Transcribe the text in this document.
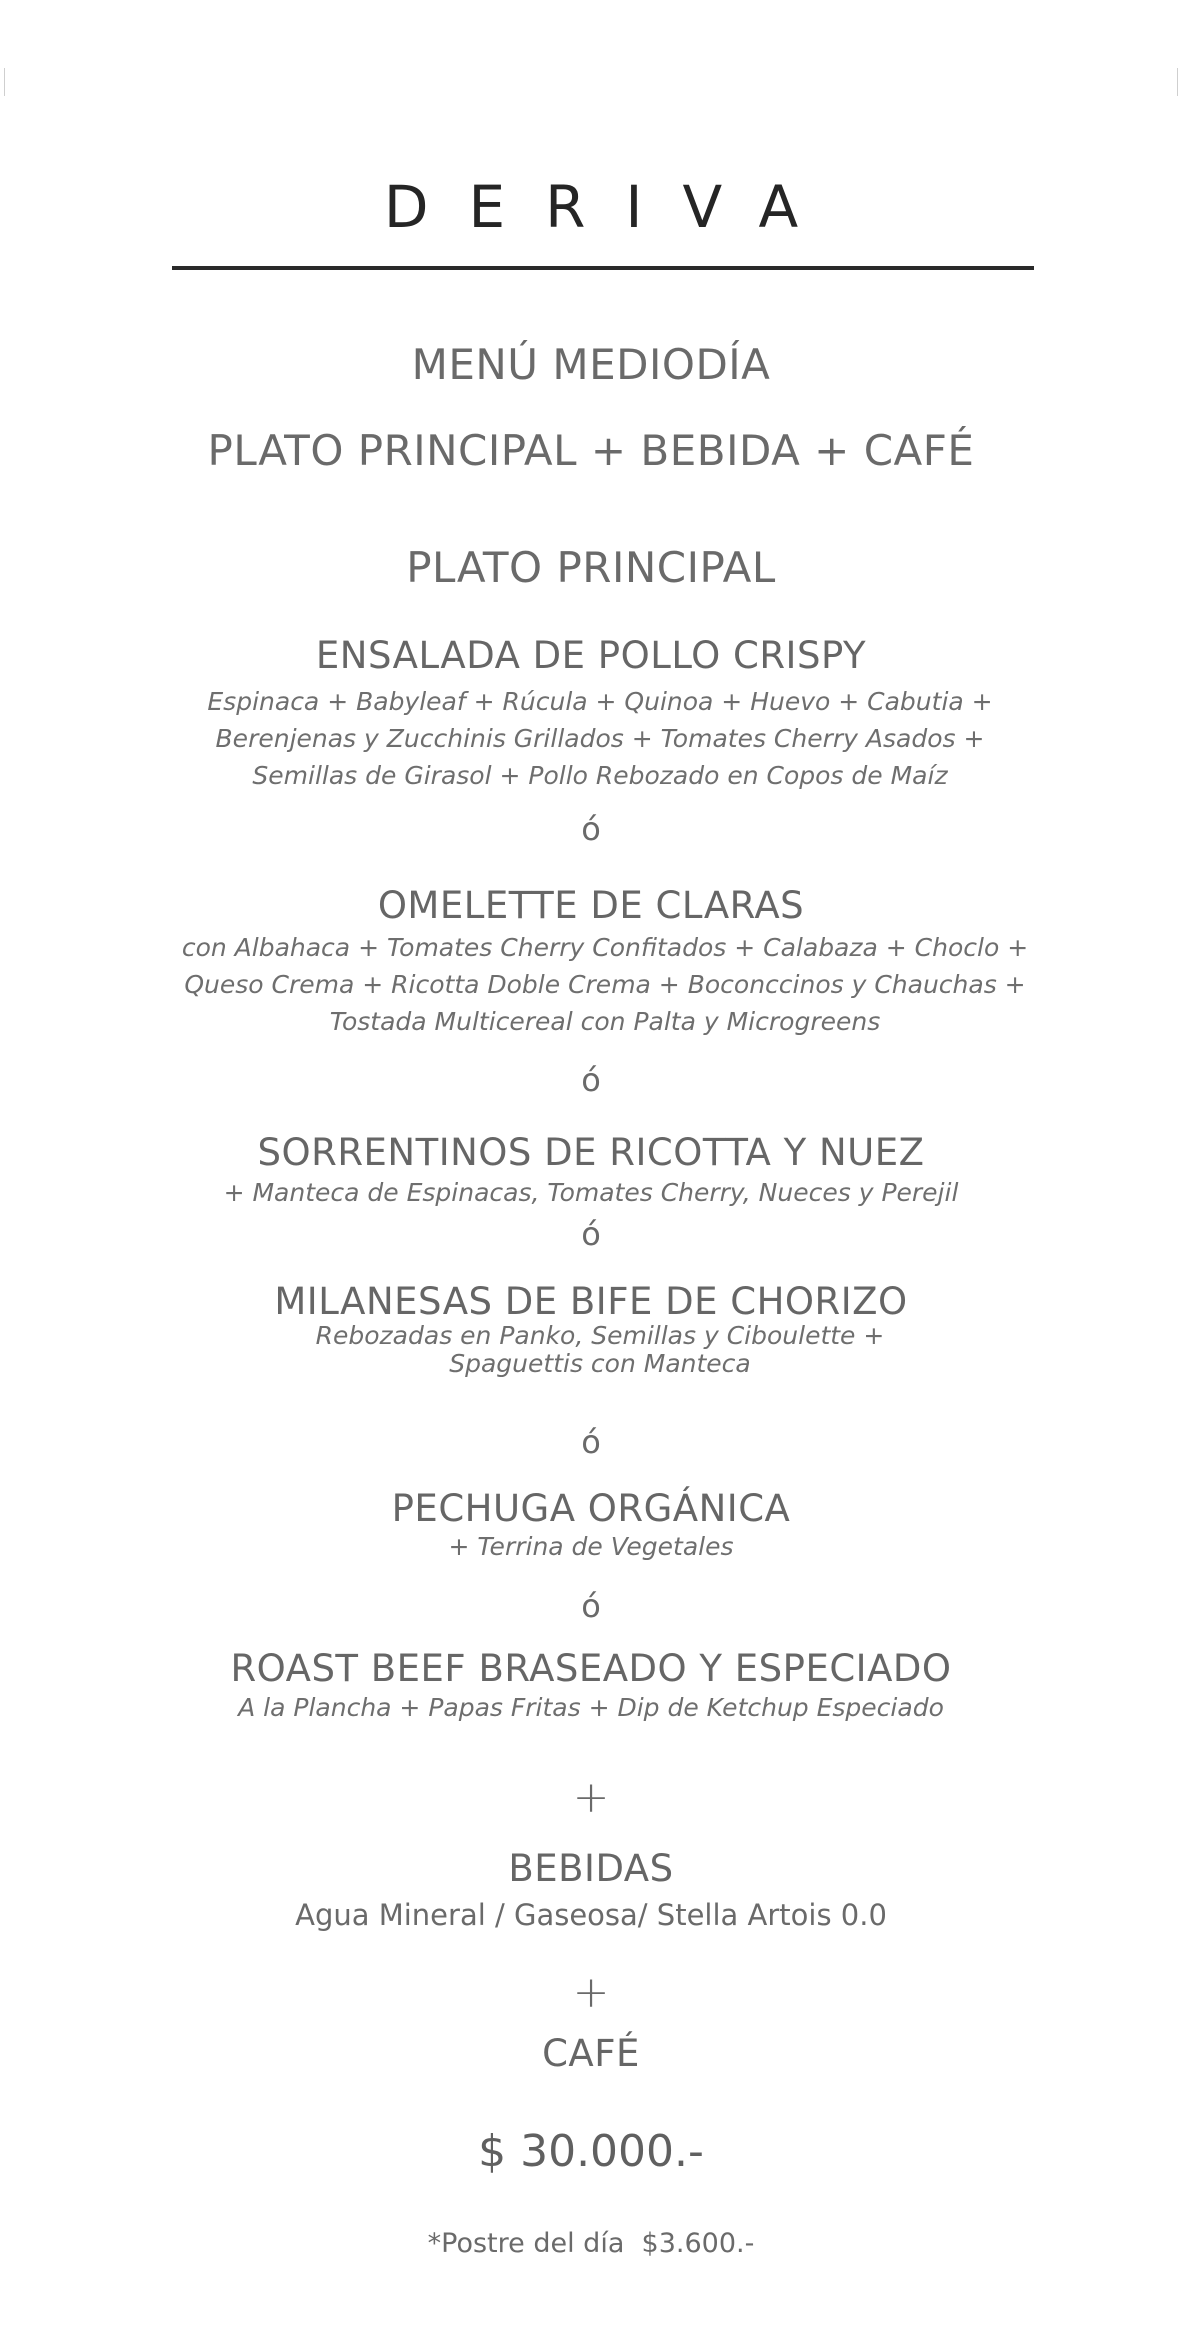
DERIVA
MENÚ MEDIODÍA
PLATO PRINCIPAL + BEBIDA + CAFÉ
PLATO PRINCIPAL
ENSALADA DE POLLO CRISPY
Espinaca + Babyleaf + Rúcula + Quinoa + Huevo + Cabutia + Berenjenas y Zucchinis Grillados + Tomates Cherry Asados + Semillas de Girasol + Pollo Rebozado en Copos de Maíz
ó
OMELETTE DE CLARAS
con Albahaca + Tomates Cherry Confitados + Calabaza + Choclo + Queso Crema + Ricotta Doble Crema + Boconccinos y Chauchas + Tostada Multicereal con Palta y Microgreens
ó
SORRENTINOS DE RICOTTA Y NUEZ
+ Manteca de Espinacas, Tomates Cherry, Nueces y Perejil
ó
MILANESAS DE BIFE DE CHORIZO
Rebozadas en Panko, Semillas y Ciboulette + Spaguettis con Manteca
ó
PECHUGA ORGÁNICA
+ Terrina de Vegetales
ó
ROAST BEEF BRASEADO Y ESPECIADO
A la Plancha + Papas Fritas + Dip de Ketchup Especiado
+
BEBIDAS
Agua Mineral / Gaseosa/ Stella Artois 0.0
+
CAFÉ
$ 30.000.-
*Postre del día  $3.600.-
